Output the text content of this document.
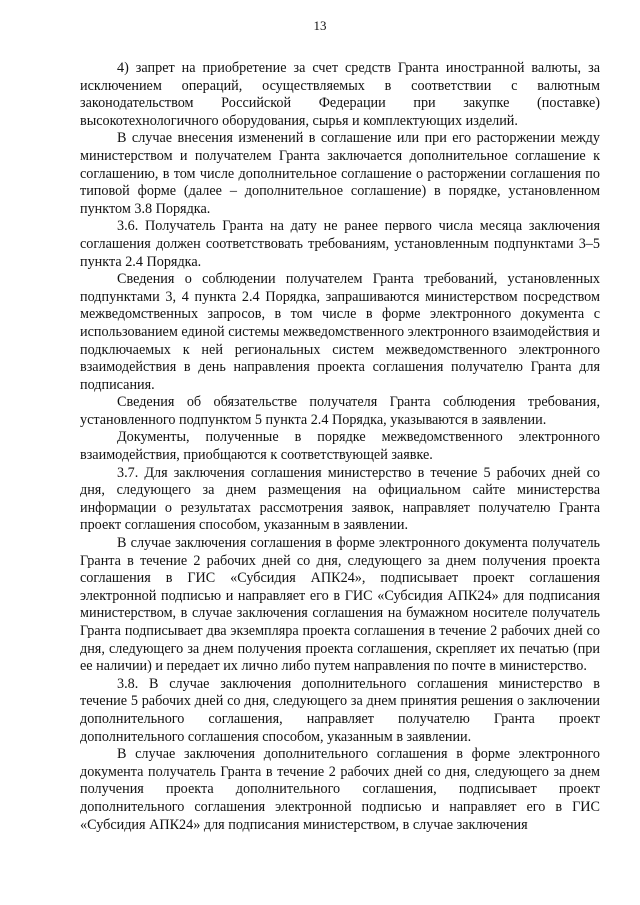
13

4) запрет на приобретение за счет средств Гранта иностранной валюты, за исключением операций, осуществляемых в соответствии с валютным законодательством Российской Федерации при закупке (поставке) высокотехнологичного оборудования, сырья и комплектующих изделий.

В случае внесения изменений в соглашение или при его расторжении между министерством и получателем Гранта заключается дополнительное соглашение к соглашению, в том числе дополнительное соглашение о расторжении соглашения по типовой форме (далее – дополнительное соглашение) в порядке, установленном пунктом 3.8 Порядка.

3.6. Получатель Гранта на дату не ранее первого числа месяца заключения соглашения должен соответствовать требованиям, установленным подпунктами 3–5 пункта 2.4 Порядка.

Сведения о соблюдении получателем Гранта требований, установленных подпунктами 3, 4 пункта 2.4 Порядка, запрашиваются министерством посредством межведомственных запросов, в том числе в форме электронного документа с использованием единой системы межведомственного электронного взаимодействия и подключаемых к ней региональных систем межведомственного электронного взаимодействия в день направления проекта соглашения получателю Гранта для подписания.

Сведения об обязательстве получателя Гранта соблюдения требования, установленного подпунктом 5 пункта 2.4 Порядка, указываются в заявлении.

Документы, полученные в порядке межведомственного электронного взаимодействия, приобщаются к соответствующей заявке.

3.7. Для заключения соглашения министерство в течение 5 рабочих дней со дня, следующего за днем размещения на официальном сайте министерства информации о результатах рассмотрения заявок, направляет получателю Гранта проект соглашения способом, указанным в заявлении.

В случае заключения соглашения в форме электронного документа получатель Гранта в течение 2 рабочих дней со дня, следующего за днем получения проекта соглашения в ГИС «Субсидия АПК24», подписывает проект соглашения электронной подписью и направляет его в ГИС «Субсидия АПК24» для подписания министерством, в случае заключения соглашения на бумажном носителе получатель Гранта подписывает два экземпляра проекта соглашения в течение 2 рабочих дней со дня, следующего за днем получения проекта соглашения, скрепляет их печатью (при ее наличии) и передает их лично либо путем направления по почте в министерство.

3.8. В случае заключения дополнительного соглашения министерство в течение 5 рабочих дней со дня, следующего за днем принятия решения о заключении дополнительного соглашения, направляет получателю Гранта проект дополнительного соглашения способом, указанным в заявлении.

В случае заключения дополнительного соглашения в форме электронного документа получатель Гранта в течение 2 рабочих дней со дня, следующего за днем получения проекта дополнительного соглашения, подписывает проект дополнительного соглашения электронной подписью и направляет его в ГИС «Субсидия АПК24» для подписания министерством, в случае заключения
